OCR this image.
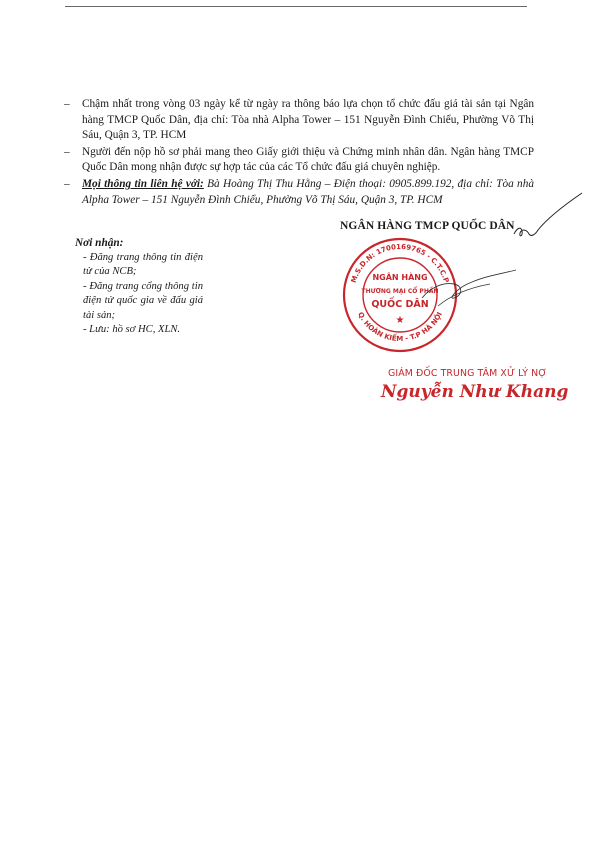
– Chậm nhất trong vòng 03 ngày kể từ ngày ra thông báo lựa chọn tổ chức đấu giá tài sản tại Ngân hàng TMCP Quốc Dân, địa chỉ: Tòa nhà Alpha Tower – 151 Nguyễn Đình Chiểu, Phường Võ Thị Sáu, Quận 3, TP. HCM
– Người đến nộp hồ sơ phải mang theo Giấy giới thiệu và Chứng minh nhân dân. Ngân hàng TMCP Quốc Dân mong nhận được sự hợp tác của các Tổ chức đấu giá chuyên nghiệp.
– Mọi thông tin liên hệ với: Bà Hoàng Thị Thu Hằng – Điện thoại: 0905.899.192, địa chỉ: Tòa nhà Alpha Tower – 151 Nguyễn Đình Chiểu, Phường Võ Thị Sáu, Quận 3, TP. HCM
NGÂN HÀNG TMCP QUỐC DÂN
Nơi nhận:
- Đăng trang thông tin điện tử của NCB;
- Đăng trang cổng thông tin điện tử quốc gia về đấu giá tài sản;
- Lưu: hồ sơ HC, XLN.
M.S.D.N: 1700169765 - C.T.C.P
Q. HOÀN KIẾM - T.P HÀ NỘI
NGÂN HÀNG
THƯƠNG MẠI CỔ PHẦN
QUỐC DÂN
★
GIÁM ĐỐC TRUNG TÂM XỬ LÝ NỢ
Nguyễn Như Khang
